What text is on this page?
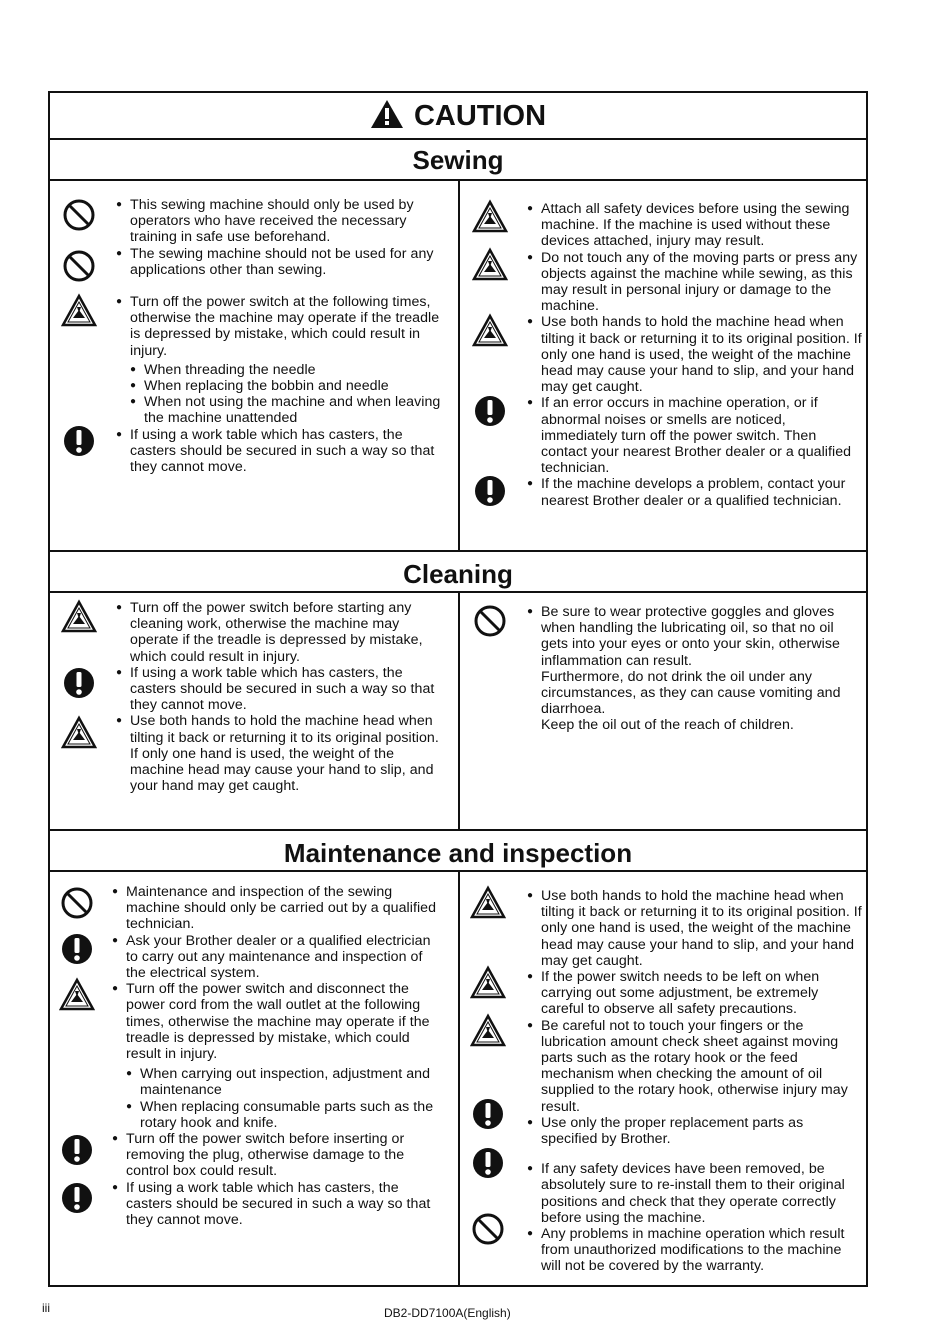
CAUTION
Sewing

● This sewing machine should only be used by operators who have received the necessary training in safe use beforehand.

● The sewing machine should not be used for any applications other than sewing.

● Turn off the power switch at the following times, otherwise the machine may operate if the treadle is depressed by mistake, which could result in injury.

● When threading the needle

● When replacing the bobbin and needle

● When not using the machine and when leaving the machine unattended

● If using a work table which has casters, the casters should be secured in such a way so that they cannot move.

● Attach all safety devices before using the sewing machine. If the machine is used without these devices attached, injury may result.

● Do not touch any of the moving parts or press any objects against the machine while sewing, as this may result in personal injury or damage to the machine.

● Use both hands to hold the machine head when tilting it back or returning it to its original position. If only one hand is used, the weight of the machine head may cause your hand to slip, and your hand may get caught.

● If an error occurs in machine operation, or if abnormal noises or smells are noticed, immediately turn off the power switch. Then contact your nearest Brother dealer or a qualified technician.

● If the machine develops a problem, contact your nearest Brother dealer or a qualified technician.

Cleaning

● Turn off the power switch before starting any cleaning work, otherwise the machine may operate if the treadle is depressed by mistake, which could result in injury.

● If using a work table which has casters, the casters should be secured in such a way so that they cannot move.

● Use both hands to hold the machine head when tilting it back or returning it to its original position. If only one hand is used, the weight of the machine head may cause your hand to slip, and your hand may get caught.

● Be sure to wear protective goggles and gloves when handling the lubricating oil, so that no oil gets into your eyes or onto your skin, otherwise inflammation can result.

Furthermore, do not drink the oil under any circumstances, as they can cause vomiting and diarrhoea.

Keep the oil out of the reach of children.

Maintenance and inspection

● Maintenance and inspection of the sewing machine should only be carried out by a qualified technician.

● Ask your Brother dealer or a qualified electrician to carry out any maintenance and inspection of the electrical system.

● Turn off the power switch and disconnect the power cord from the wall outlet at the following times, otherwise the machine may operate if the treadle is depressed by mistake, which could result in injury.

● When carrying out inspection, adjustment and maintenance

● When replacing consumable parts such as the rotary hook and knife.

● Turn off the power switch before inserting or removing the plug, otherwise damage to the control box could result.

● If using a work table which has casters, the casters should be secured in such a way so that they cannot move.

● Use both hands to hold the machine head when tilting it back or returning it to its original position. If only one hand is used, the weight of the machine head may cause your hand to slip, and your hand may get caught.

● If the power switch needs to be left on when carrying out some adjustment, be extremely careful to observe all safety precautions.

● Be careful not to touch your fingers or the lubrication amount check sheet against moving parts such as the rotary hook or the feed mechanism when checking the amount of oil supplied to the rotary hook, otherwise injury may result.

● Use only the proper replacement parts as specified by Brother.

● If any safety devices have been removed, be absolutely sure to re-install them to their original positions and check that they operate correctly before using the machine.

● Any problems in machine operation which result from unauthorized modifications to the machine will not be covered by the warranty.

iii	DB2-DD7100A(English)
